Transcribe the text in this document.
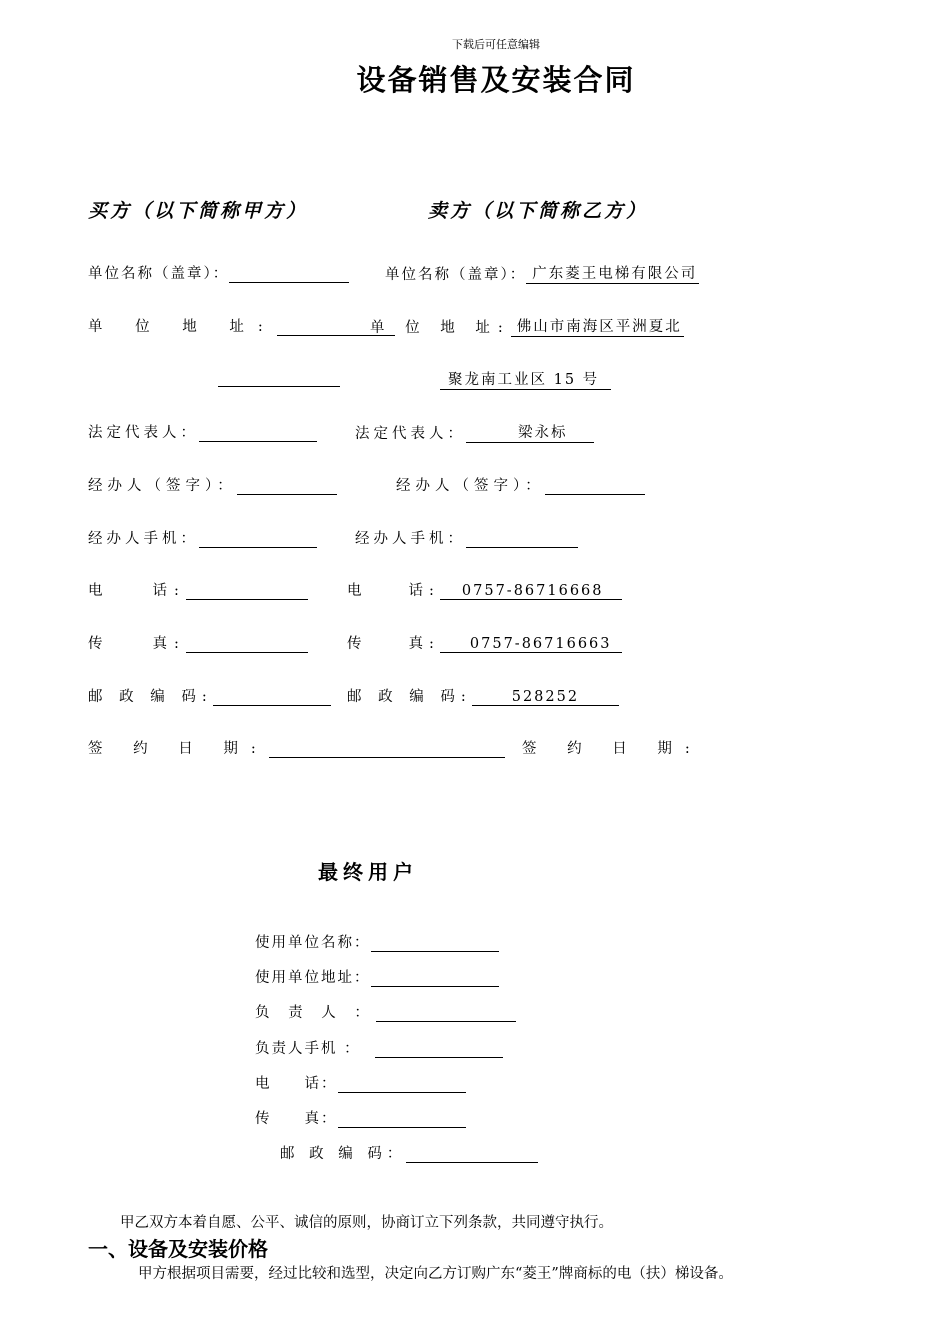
下载后可任意编辑
设备销售及安装合同
买方（以下简称甲方）	卖方（以下简称乙方）
单位名称（盖章）：	单位名称（盖章）： 广东菱王电梯有限公司
单 位 地 址:	单 位 地 址: 佛山市南海区平洲夏北
聚龙南工业区 15 号
法定代表人：	法定代表人：	梁永标
经办人（签字）：	经办人（签字）：
经办人手机：	经办人手机：
电　　话:	电　　话: 0757-86716668
传　　真:	传　　真: 0757-86716663
邮 政 编 码:	邮 政 编 码:	528252
签 约 日 期:	签 约 日 期:
最终用户
使用单位名称：
使用单位地址：
负 责 人 ：
负责人手机 ：
电　　话：
传　　真：
邮 政 编 码：
甲乙双方本着自愿、公平、诚信的原则，协商订立下列条款，共同遵守执行。
一、设备及安装价格
甲方根据项目需要，经过比较和选型，决定向乙方订购广东“菱王”牌商标的电（扶）梯设备。
